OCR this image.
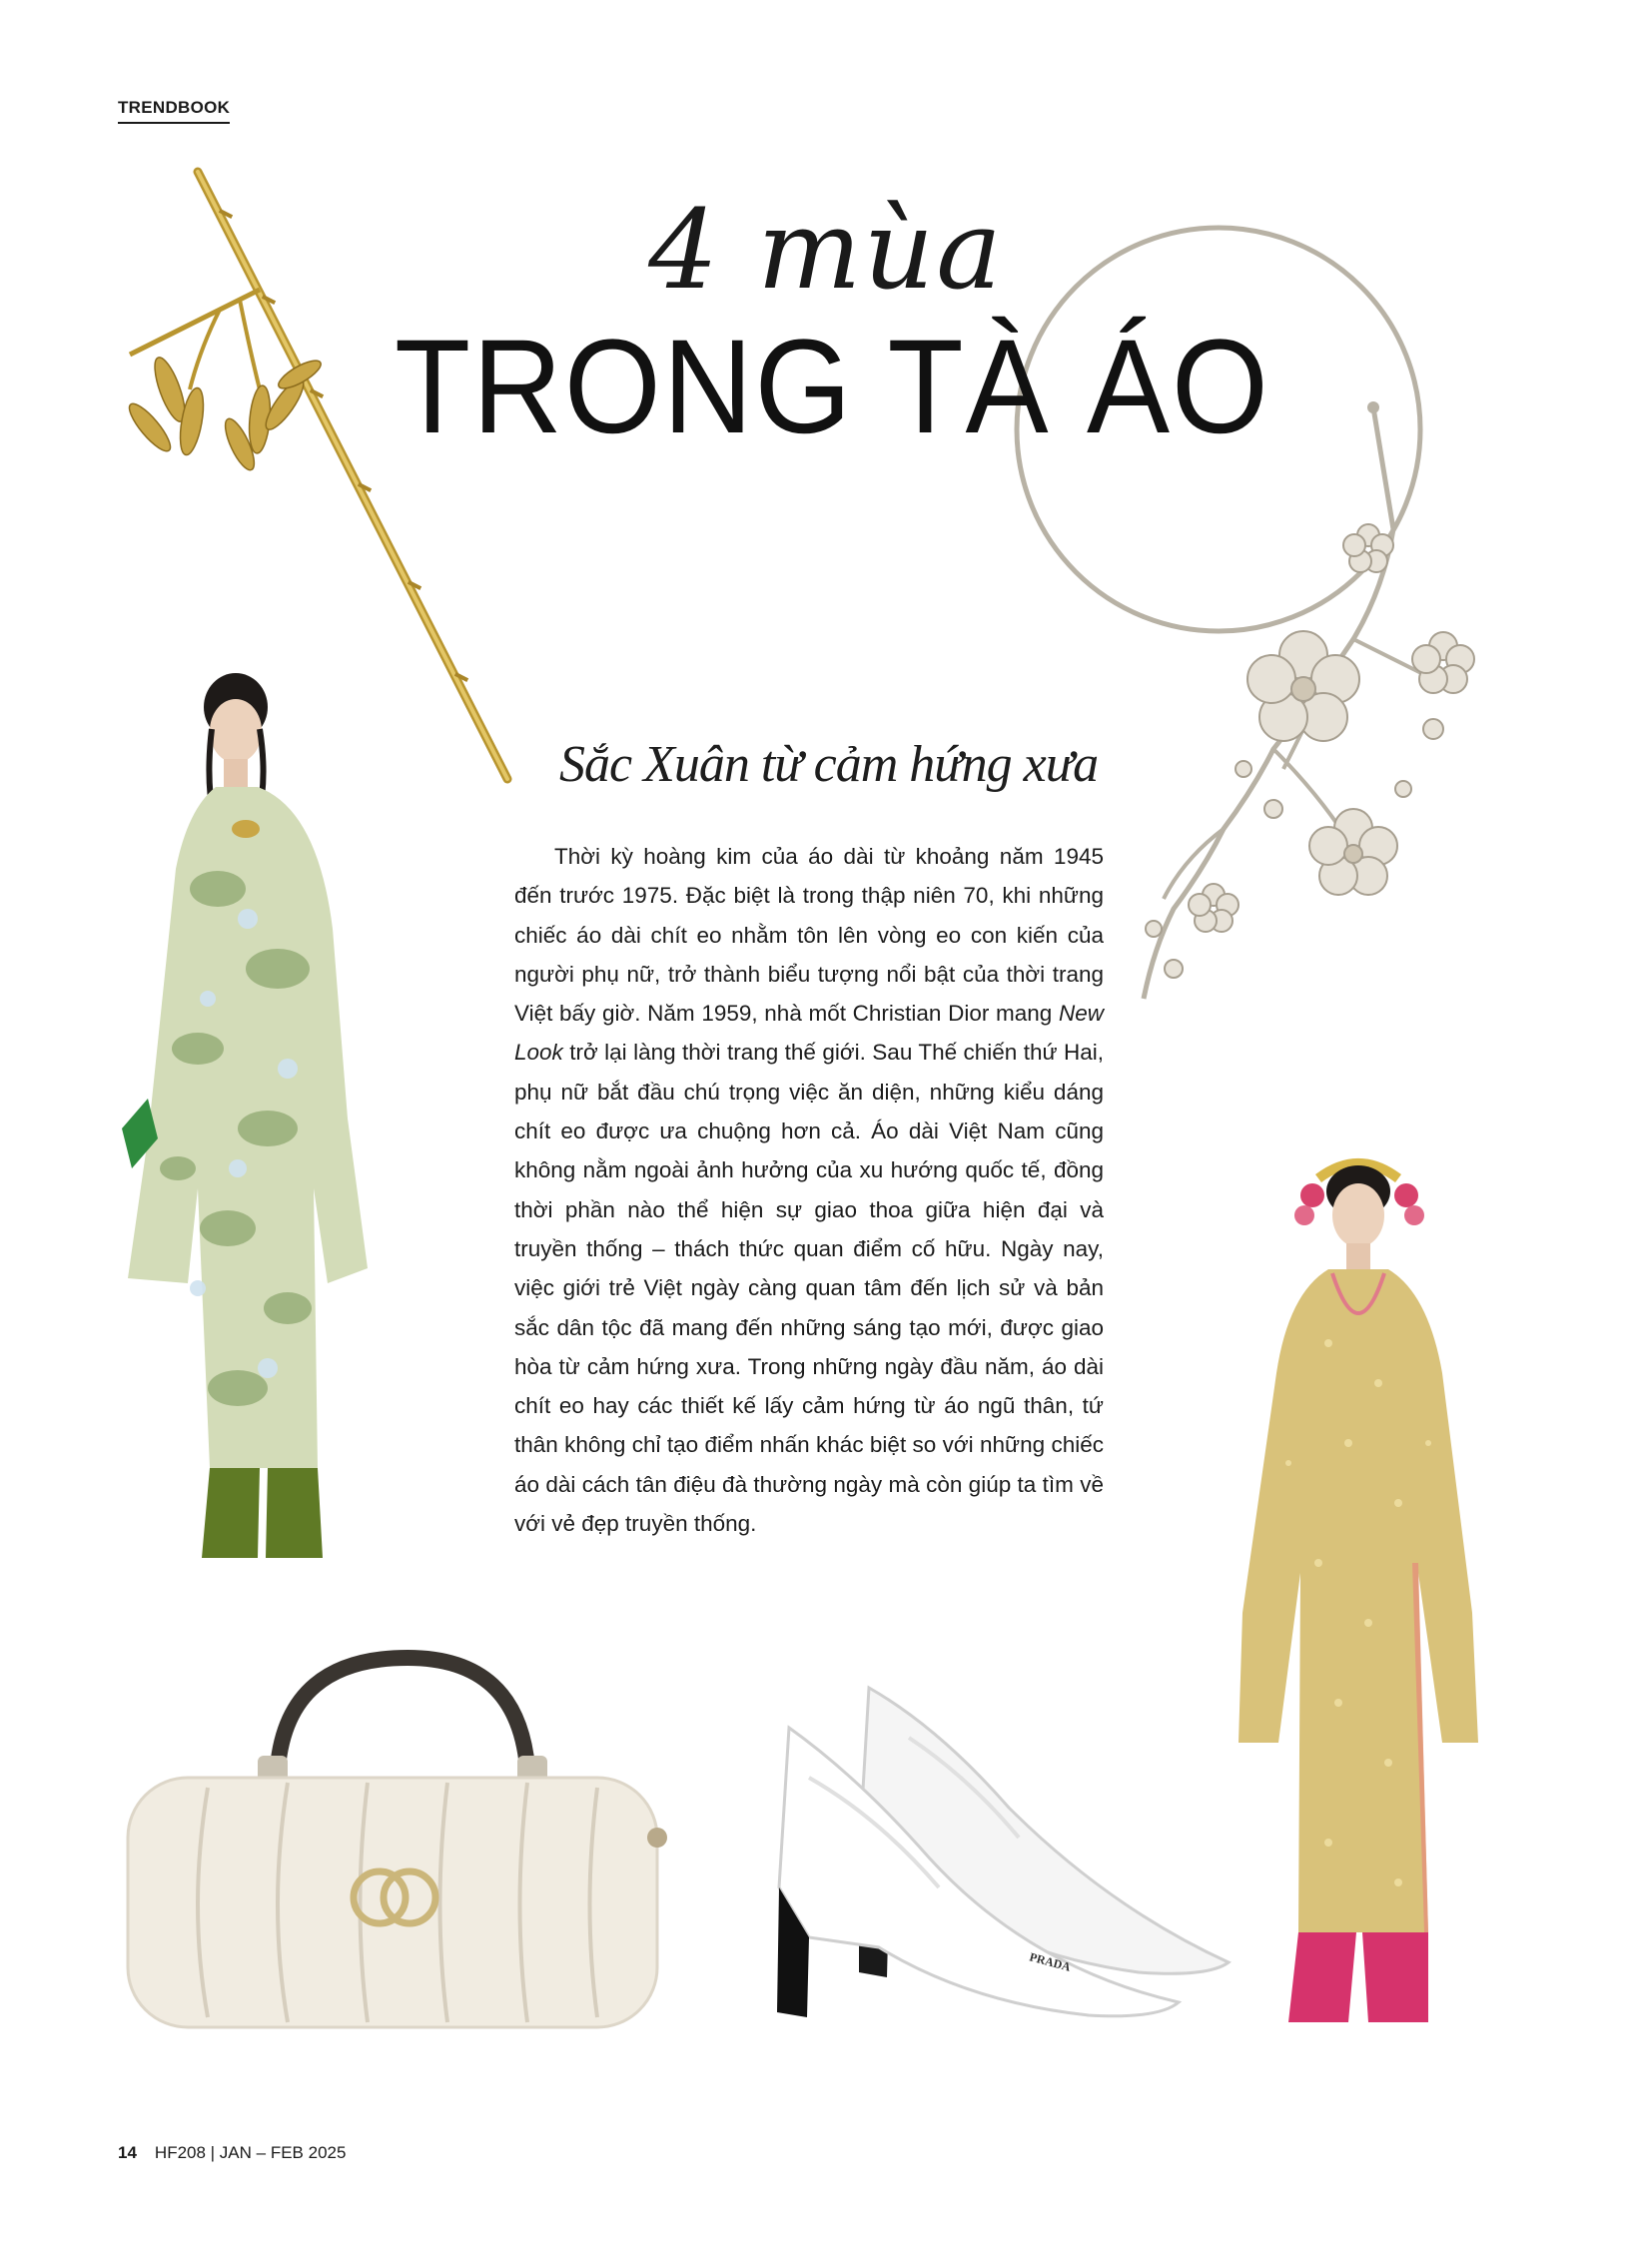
TRENDBOOK
PRADA
4 mùa
TRONG TÀ ÁO
Sắc Xuân từ cảm hứng xưa

Thời kỳ hoàng kim của áo dài từ khoảng năm 1945 đến trước 1975. Đặc biệt là trong thập niên 70, khi những chiếc áo dài chít eo nhằm tôn lên vòng eo con kiến của người phụ nữ, trở thành biểu tượng nổi bật của thời trang Việt bấy giờ. Năm 1959, nhà mốt Christian Dior mang New Look trở lại làng thời trang thế giới. Sau Thế chiến thứ Hai, phụ nữ bắt đầu chú trọng việc ăn diện, những kiểu dáng chít eo được ưa chuộng hơn cả. Áo dài Việt Nam cũng không nằm ngoài ảnh hưởng của xu hướng quốc tế, đồng thời phần nào thể hiện sự giao thoa giữa hiện đại và truyền thống – thách thức quan điểm cố hữu. Ngày nay, việc giới trẻ Việt ngày càng quan tâm đến lịch sử và bản sắc dân tộc đã mang đến những sáng tạo mới, được giao hòa từ cảm hứng xưa. Trong những ngày đầu năm, áo dài chít eo hay các thiết kế lấy cảm hứng từ áo ngũ thân, tứ thân không chỉ tạo điểm nhấn khác biệt so với những chiếc áo dài cách tân điệu đà thường ngày mà còn giúp ta tìm về với vẻ đẹp truyền thống.

14 HF208 | JAN – FEB 2025
